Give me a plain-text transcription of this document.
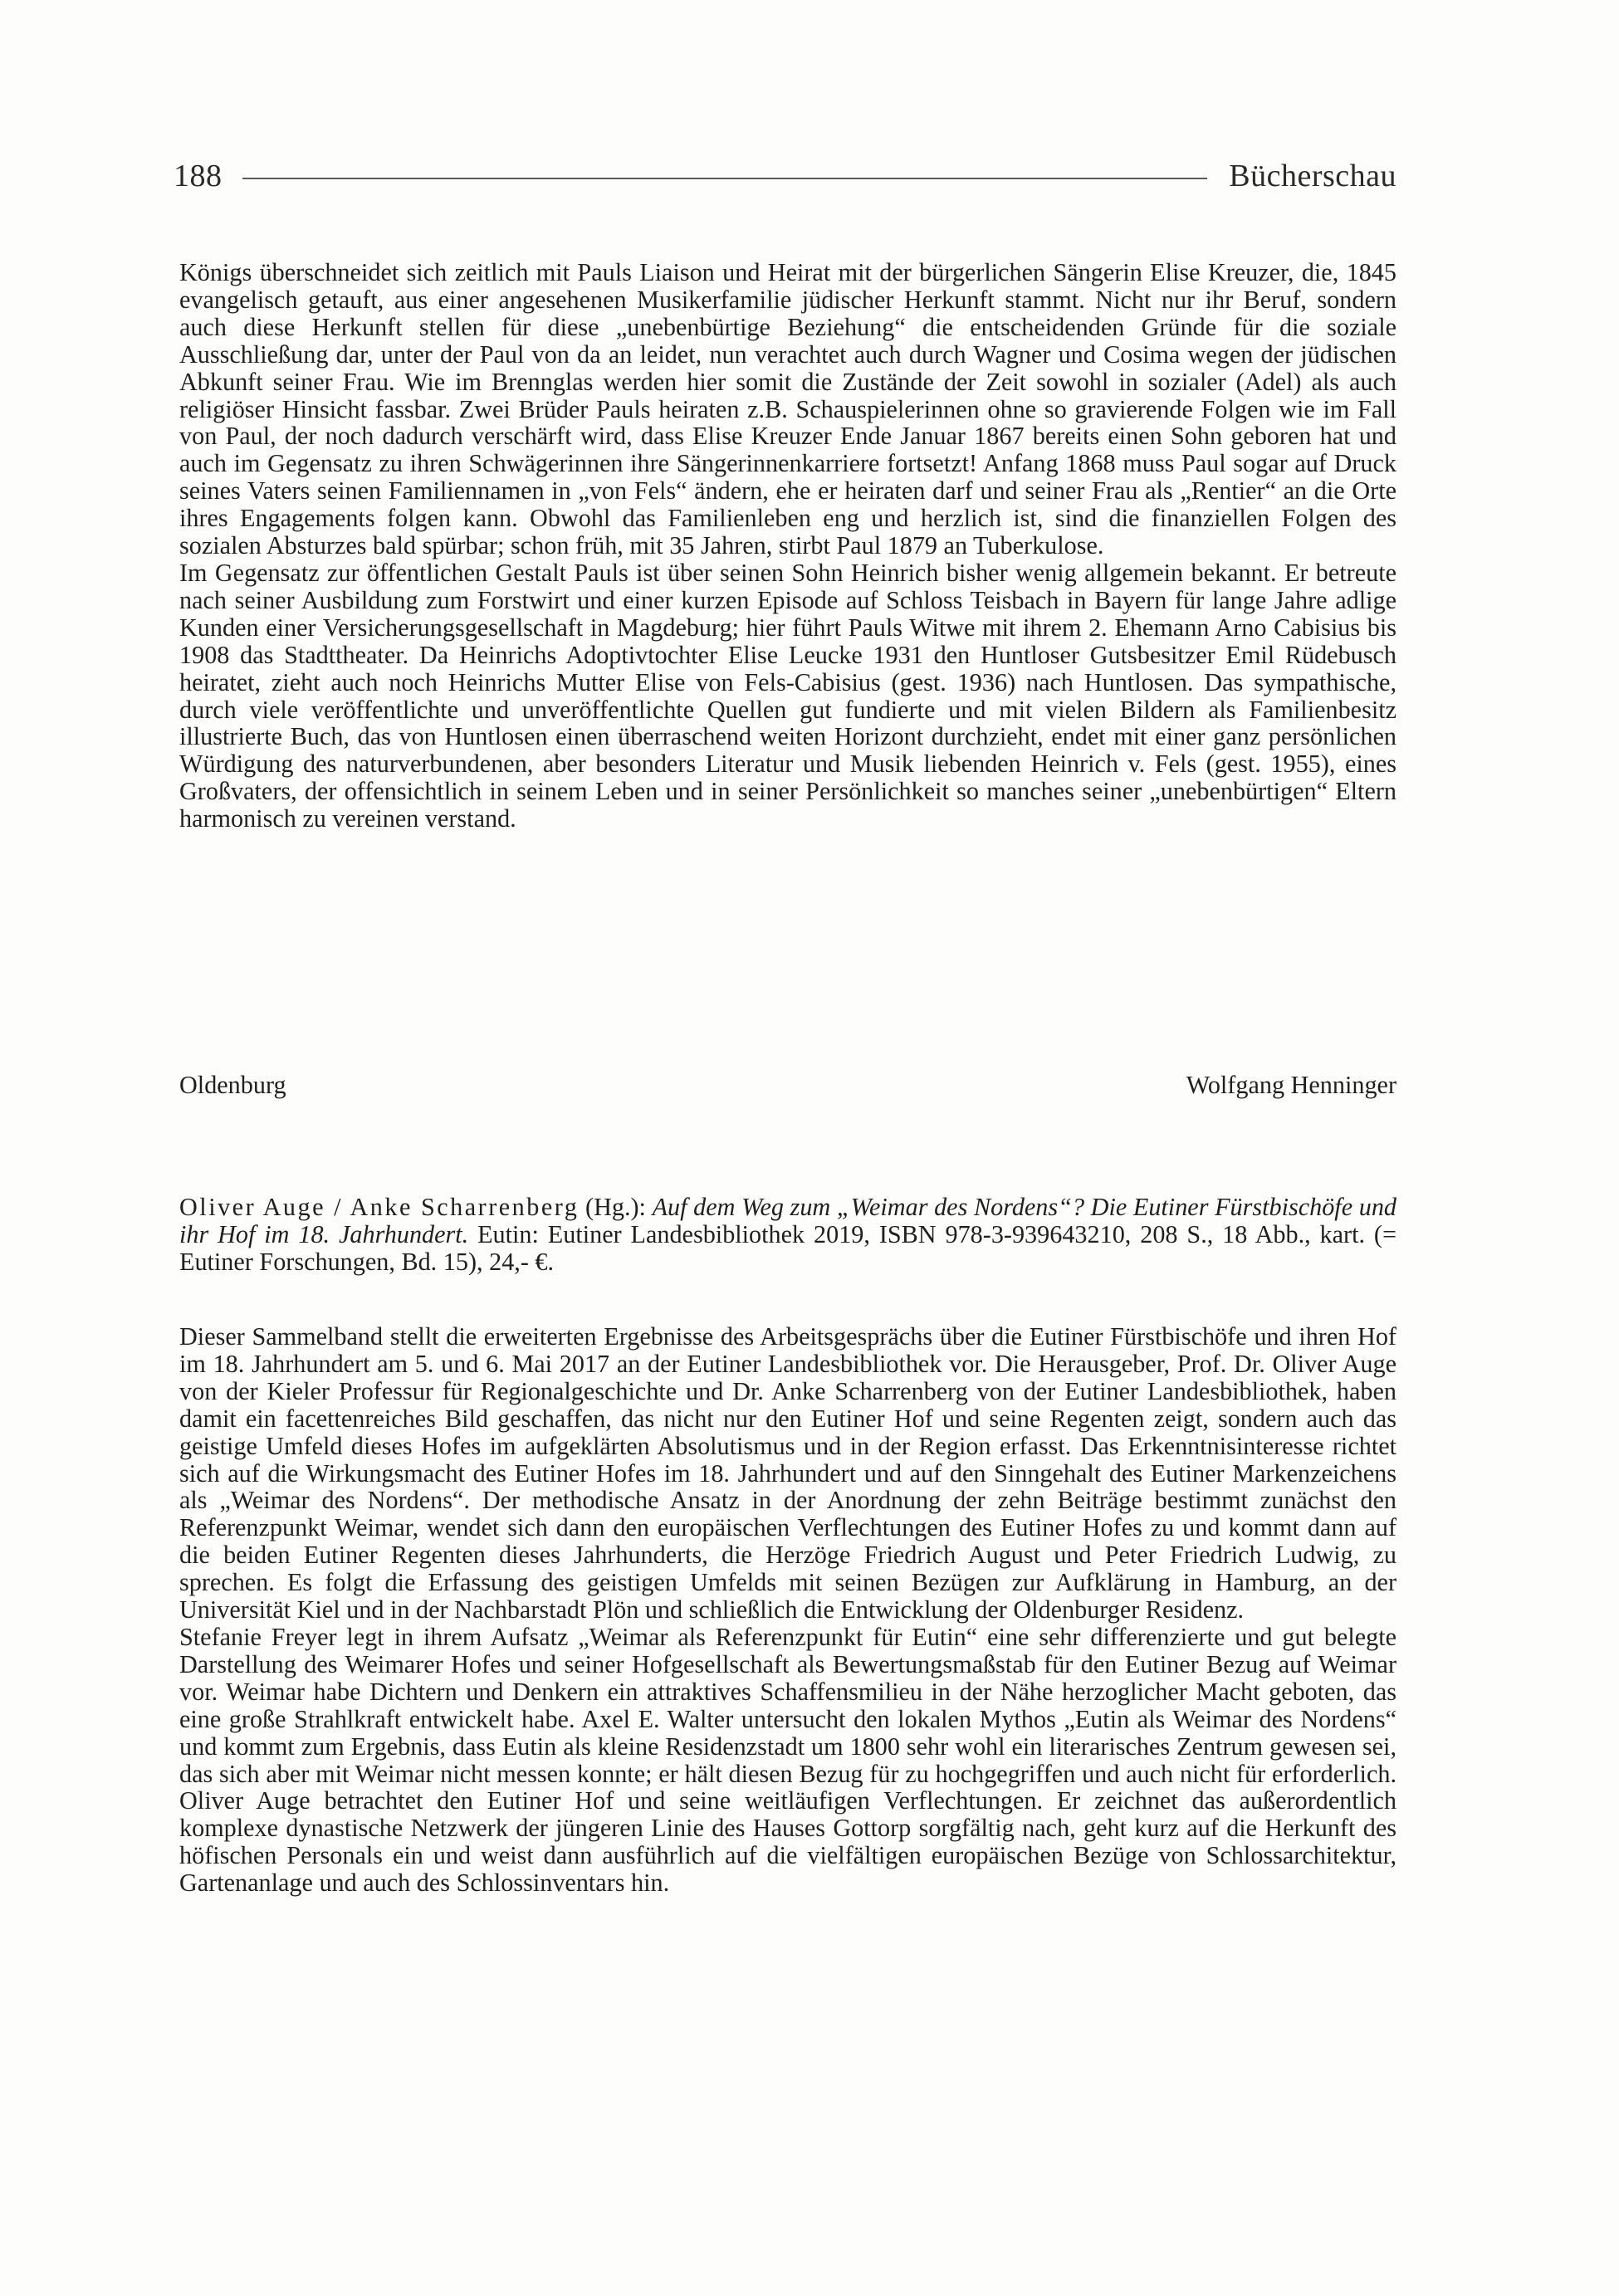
188	Bücherschau

Königs überschneidet sich zeitlich mit Pauls Liaison und Heirat mit der bürgerlichen Sängerin Elise Kreuzer, die, 1845 evangelisch getauft, aus einer angesehenen Musikerfamilie jüdischer Herkunft stammt. Nicht nur ihr Beruf, sondern auch diese Herkunft stellen für diese „unebenbürtige Beziehung“ die entscheidenden Gründe für die soziale Ausschließung dar, unter der Paul von da an leidet, nun verachtet auch durch Wagner und Cosima wegen der jüdischen Abkunft seiner Frau. Wie im Brennglas werden hier somit die Zustände der Zeit sowohl in sozialer (Adel) als auch religiöser Hinsicht fassbar. Zwei Brüder Pauls heiraten z.B. Schauspielerinnen ohne so gravierende Folgen wie im Fall von Paul, der noch dadurch verschärft wird, dass Elise Kreuzer Ende Januar 1867 bereits einen Sohn geboren hat und auch im Gegensatz zu ihren Schwägerinnen ihre Sängerinnenkarriere fortsetzt! Anfang 1868 muss Paul sogar auf Druck seines Vaters seinen Familiennamen in „von Fels“ ändern, ehe er heiraten darf und seiner Frau als „Rentier“ an die Orte ihres Engagements folgen kann. Obwohl das Familienleben eng und herzlich ist, sind die finanziellen Folgen des sozialen Absturzes bald spürbar; schon früh, mit 35 Jahren, stirbt Paul 1879 an Tuberkulose.

Im Gegensatz zur öffentlichen Gestalt Pauls ist über seinen Sohn Heinrich bisher wenig allgemein bekannt. Er betreute nach seiner Ausbildung zum Forstwirt und einer kurzen Episode auf Schloss Teisbach in Bayern für lange Jahre adlige Kunden einer Versicherungsgesellschaft in Magdeburg; hier führt Pauls Witwe mit ihrem 2. Ehemann Arno Cabisius bis 1908 das Stadttheater. Da Heinrichs Adoptivtochter Elise Leucke 1931 den Huntloser Gutsbesitzer Emil Rüdebusch heiratet, zieht auch noch Heinrichs Mutter Elise von Fels-Cabisius (gest. 1936) nach Huntlosen. Das sympathische, durch viele veröffentlichte und unveröffentlichte Quellen gut fundierte und mit vielen Bildern als Familienbesitz illustrierte Buch, das von Huntlosen einen überraschend weiten Horizont durchzieht, endet mit einer ganz persönlichen Würdigung des naturverbundenen, aber besonders Literatur und Musik liebenden Heinrich v. Fels (gest. 1955), eines Großvaters, der offensichtlich in seinem Leben und in seiner Persönlichkeit so manches seiner „unebenbürtigen“ Eltern harmonisch zu vereinen verstand.

Oldenburg	Wolfgang Henninger
Oliver Auge / Anke Scharrenberg (Hg.): Auf dem Weg zum „Weimar des Nordens“? Die Eutiner Fürstbischöfe und ihr Hof im 18. Jahrhundert. Eutin: Eutiner Landesbibliothek 2019, ISBN 978-3-939643210, 208 S., 18 Abb., kart. (= Eutiner Forschungen, Bd. 15), 24,- €.

Dieser Sammelband stellt die erweiterten Ergebnisse des Arbeitsgesprächs über die Eutiner Fürstbischöfe und ihren Hof im 18. Jahrhundert am 5. und 6. Mai 2017 an der Eutiner Landesbibliothek vor. Die Herausgeber, Prof. Dr. Oliver Auge von der Kieler Professur für Regionalgeschichte und Dr. Anke Scharrenberg von der Eutiner Landesbibliothek, haben damit ein facettenreiches Bild geschaffen, das nicht nur den Eutiner Hof und seine Regenten zeigt, sondern auch das geistige Umfeld dieses Hofes im aufgeklärten Absolutismus und in der Region erfasst. Das Erkenntnisinteresse richtet sich auf die Wirkungsmacht des Eutiner Hofes im 18. Jahrhundert und auf den Sinngehalt des Eutiner Markenzeichens als „Weimar des Nordens“. Der methodische Ansatz in der Anordnung der zehn Beiträge bestimmt zunächst den Referenzpunkt Weimar, wendet sich dann den europäischen Verflechtungen des Eutiner Hofes zu und kommt dann auf die beiden Eutiner Regenten dieses Jahrhunderts, die Herzöge Friedrich August und Peter Friedrich Ludwig, zu sprechen. Es folgt die Erfassung des geistigen Umfelds mit seinen Bezügen zur Aufklärung in Hamburg, an der Universität Kiel und in der Nachbarstadt Plön und schließlich die Entwicklung der Oldenburger Residenz.

Stefanie Freyer legt in ihrem Aufsatz „Weimar als Referenzpunkt für Eutin“ eine sehr differenzierte und gut belegte Darstellung des Weimarer Hofes und seiner Hofgesellschaft als Bewertungsmaßstab für den Eutiner Bezug auf Weimar vor. Weimar habe Dichtern und Denkern ein attraktives Schaffensmilieu in der Nähe herzoglicher Macht geboten, das eine große Strahlkraft entwickelt habe. Axel E. Walter untersucht den lokalen Mythos „Eutin als Weimar des Nordens“ und kommt zum Ergebnis, dass Eutin als kleine Residenzstadt um 1800 sehr wohl ein literarisches Zentrum gewesen sei, das sich aber mit Weimar nicht messen konnte; er hält diesen Bezug für zu hochgegriffen und auch nicht für erforderlich. Oliver Auge betrachtet den Eutiner Hof und seine weitläufigen Verflechtungen. Er zeichnet das außerordentlich komplexe dynastische Netzwerk der jüngeren Linie des Hauses Gottorp sorgfältig nach, geht kurz auf die Herkunft des höfischen Personals ein und weist dann ausführlich auf die vielfältigen europäischen Bezüge von Schlossarchitektur, Gartenanlage und auch des Schlossinventars hin.
